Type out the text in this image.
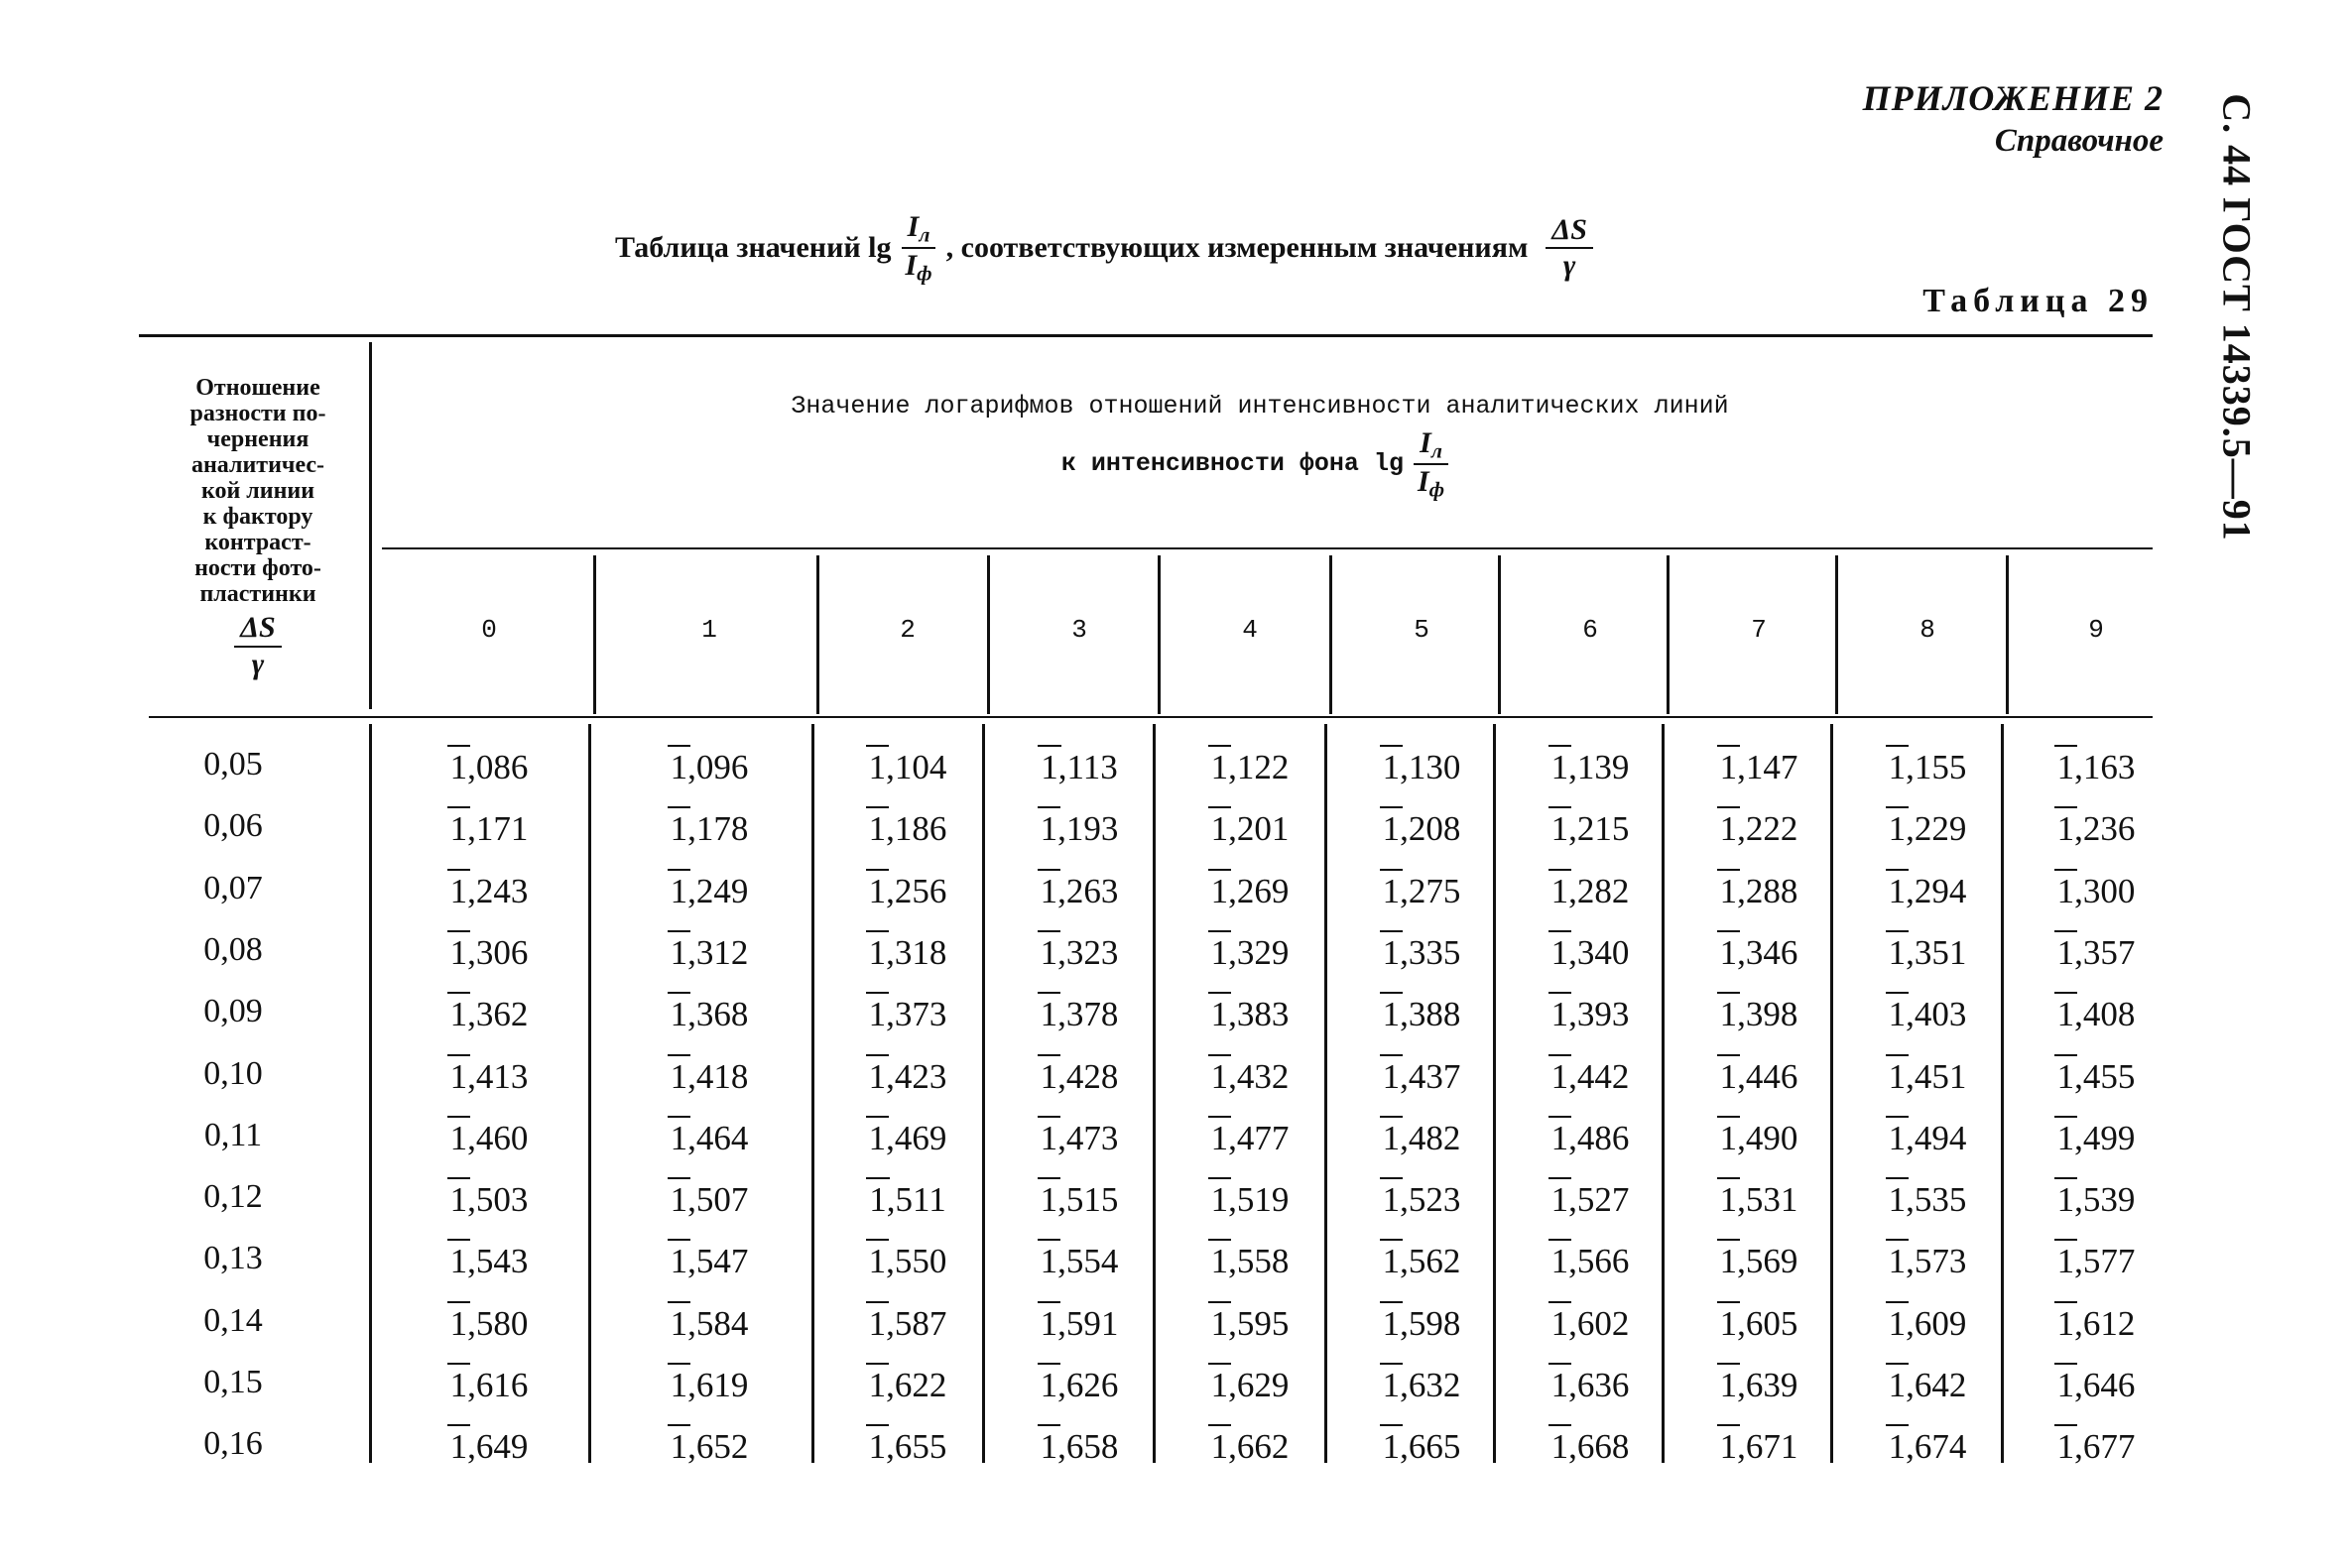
С. 44 ГОСТ 14339.5—91
ПРИЛОЖЕНИЕ 2
Справочное
Таблица значений $\lg \frac{I_л}{I_ф}$ , соответствующих измеренным значениям $\frac{\Delta S}{\gamma}$
Таблица 29
Отношение
разности по-
чернения
аналитичес-
кой линии
к фактору
контраст-
ности фото-
пластинки
$\frac{\Delta S}{\gamma}$
Значение логарифмов отношений интенсивности аналитических линий
к интенсивности фона $\lg \frac{I_л}{I_ф}$
0	1	2	3	4	5	6	7	8	9
0,05	1,086	1,096	1,104	1,113	1,122	1,130	1,139	1,147	1,155	1,163
0,06	1,171	1,178	1,186	1,193	1,201	1,208	1,215	1,222	1,229	1,236
0,07	1,243	1,249	1,256	1,263	1,269	1,275	1,282	1,288	1,294	1,300
0,08	1,306	1,312	1,318	1,323	1,329	1,335	1,340	1,346	1,351	1,357
0,09	1,362	1,368	1,373	1,378	1,383	1,388	1,393	1,398	1,403	1,408
0,10	1,413	1,418	1,423	1,428	1,432	1,437	1,442	1,446	1,451	1,455
0,11	1,460	1,464	1,469	1,473	1,477	1,482	1,486	1,490	1,494	1,499
0,12	1,503	1,507	1,511	1,515	1,519	1,523	1,527	1,531	1,535	1,539
0,13	1,543	1,547	1,550	1,554	1,558	1,562	1,566	1,569	1,573	1,577
0,14	1,580	1,584	1,587	1,591	1,595	1,598	1,602	1,605	1,609	1,612
0,15	1,616	1,619	1,622	1,626	1,629	1,632	1,636	1,639	1,642	1,646
0,16	1,649	1,652	1,655	1,658	1,662	1,665	1,668	1,671	1,674	1,677
